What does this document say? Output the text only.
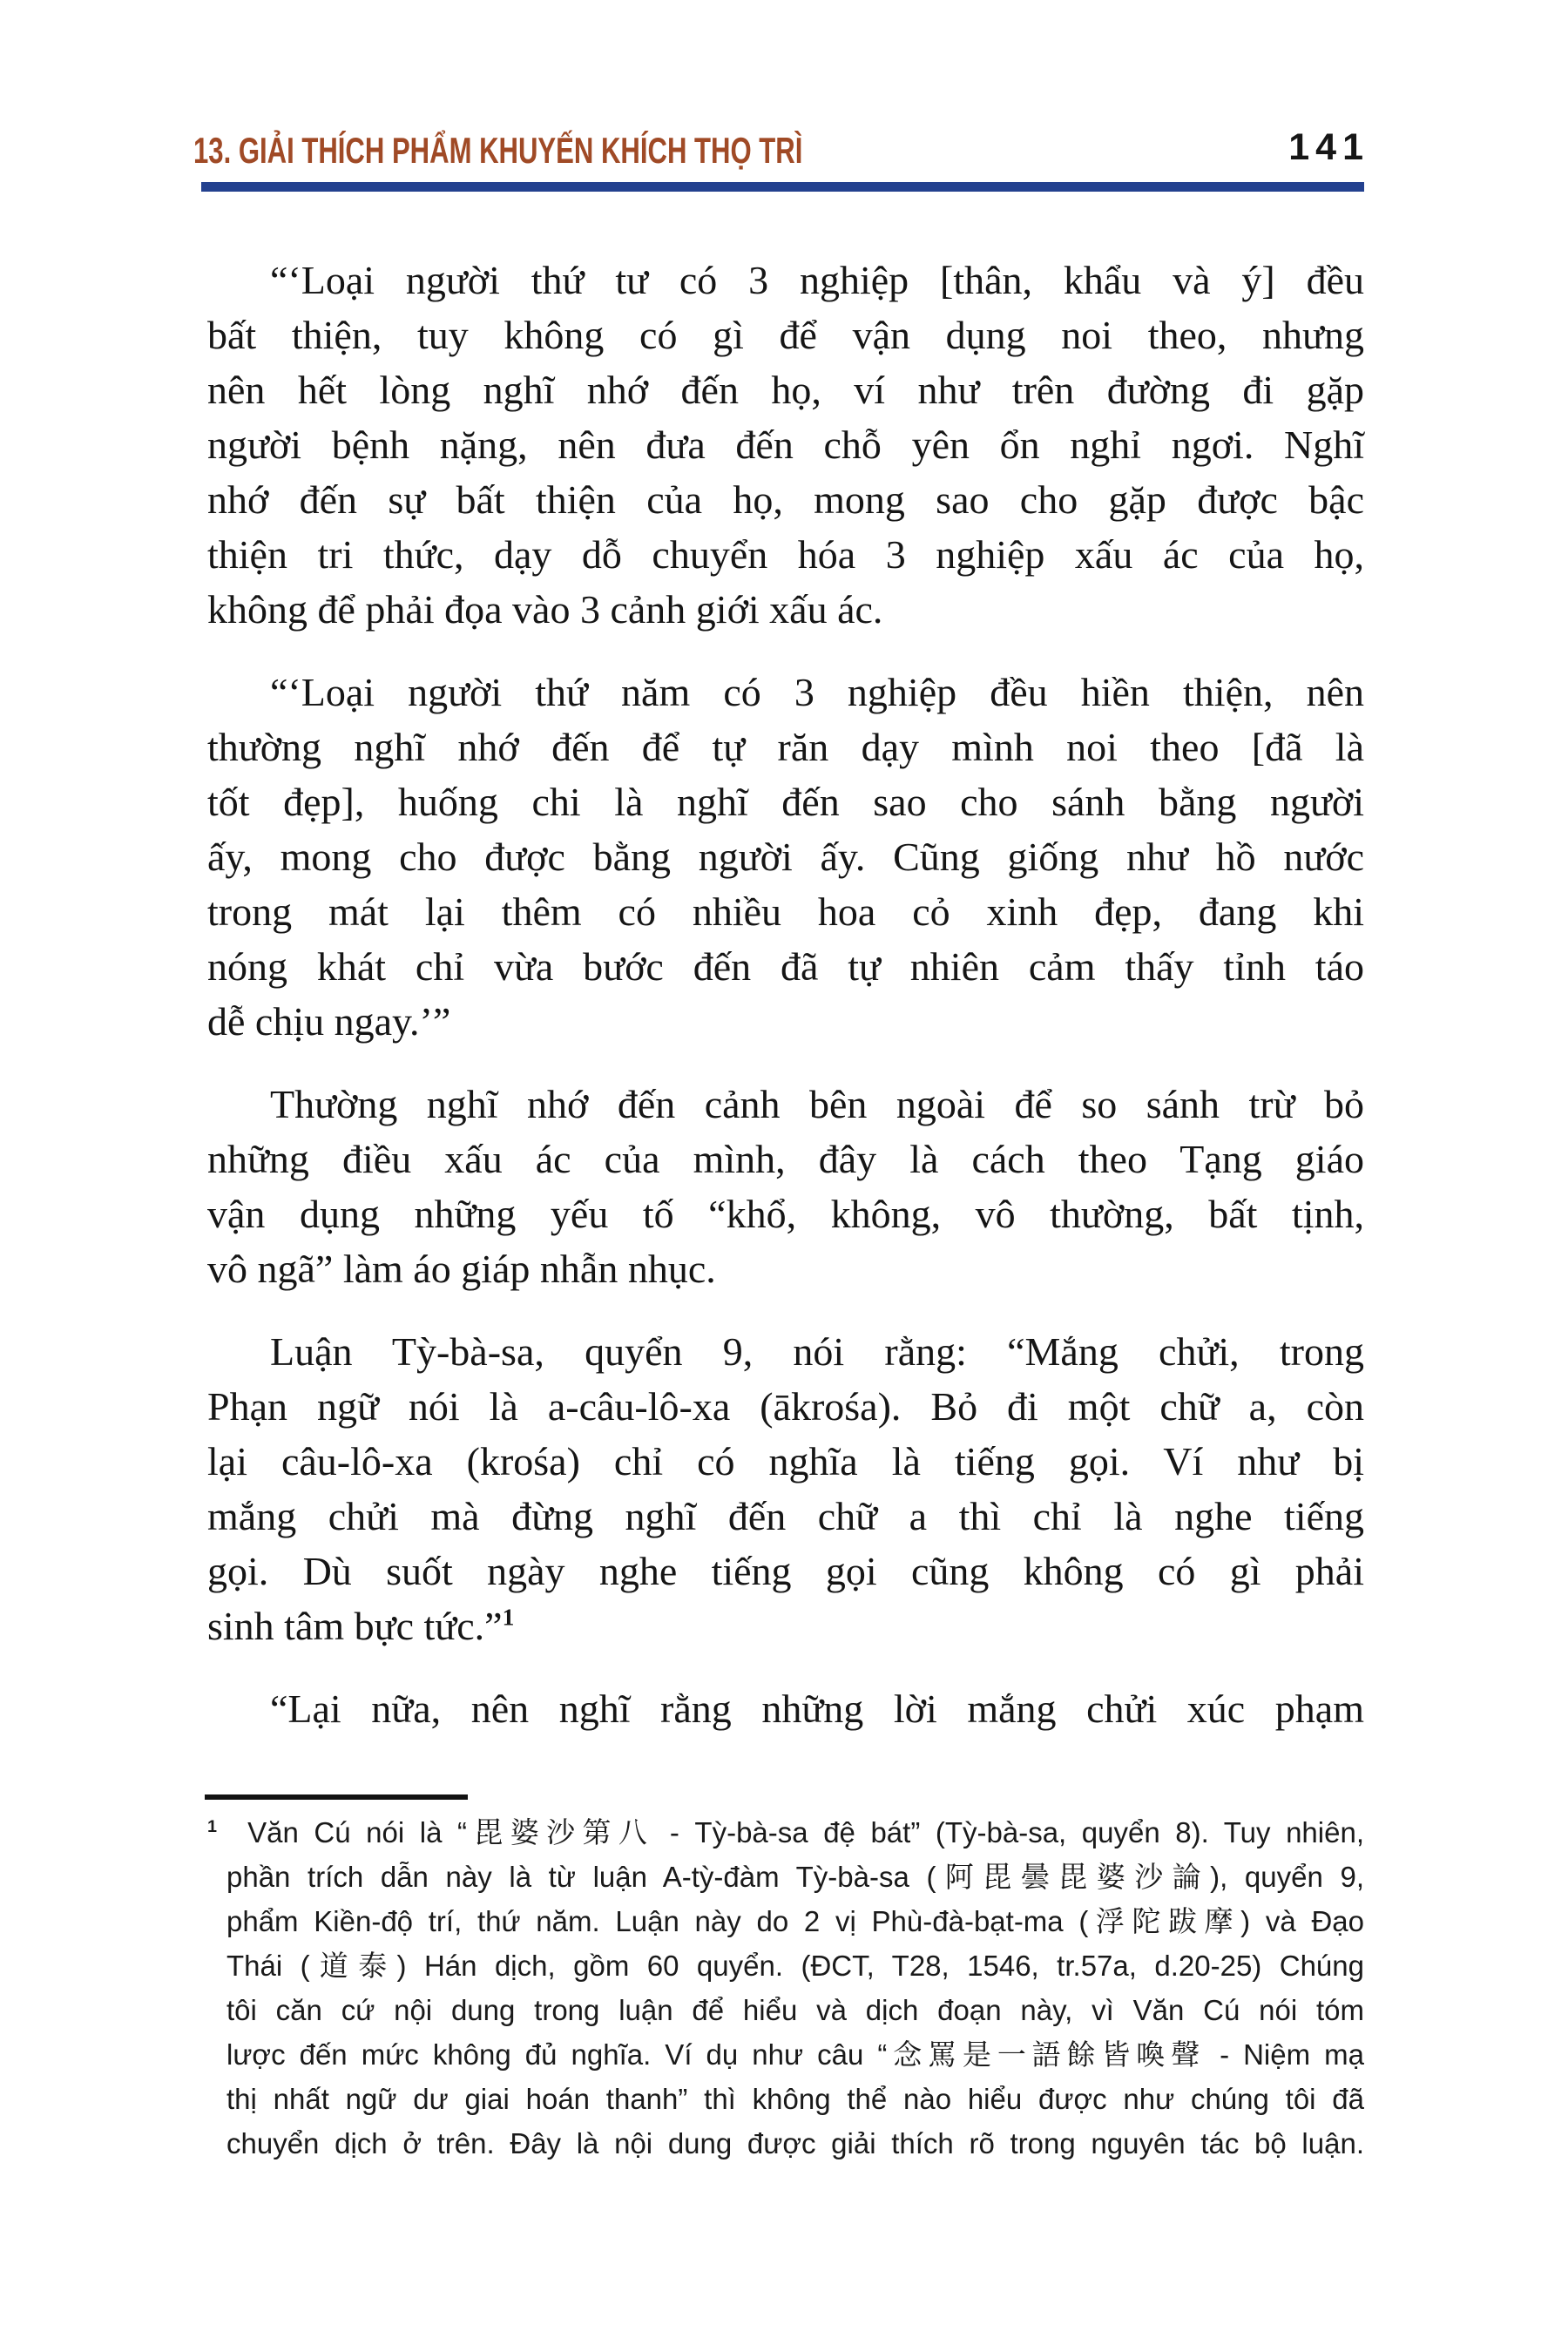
13. GIẢI THÍCH PHẨM KHUYẾN KHÍCH THỌ TRÌ	141
“‘Loại người thứ tư có 3 nghiệp [thân, khẩu và ý] đều
bất thiện, tuy không có gì để vận dụng noi theo, nhưng
nên hết lòng nghĩ nhớ đến họ, ví như trên đường đi gặp
người bệnh nặng, nên đưa đến chỗ yên ổn nghỉ ngơi. Nghĩ
nhớ đến sự bất thiện của họ, mong sao cho gặp được bậc
thiện tri thức, dạy dỗ chuyển hóa 3 nghiệp xấu ác của họ,
không để phải đọa vào 3 cảnh giới xấu ác.
“‘Loại người thứ năm có 3 nghiệp đều hiền thiện, nên
thường nghĩ nhớ đến để tự răn dạy mình noi theo [đã là
tốt đẹp], huống chi là nghĩ đến sao cho sánh bằng người
ấy, mong cho được bằng người ấy. Cũng giống như hồ nước
trong mát lại thêm có nhiều hoa cỏ xinh đẹp, đang khi
nóng khát chỉ vừa bước đến đã tự nhiên cảm thấy tỉnh táo
dễ chịu ngay.’”
Thường nghĩ nhớ đến cảnh bên ngoài để so sánh trừ bỏ
những điều xấu ác của mình, đây là cách theo Tạng giáo
vận dụng những yếu tố “khổ, không, vô thường, bất tịnh,
vô ngã” làm áo giáp nhẫn nhục.
Luận Tỳ-bà-sa, quyển 9, nói rằng: “Mắng chửi, trong
Phạn ngữ nói là a-câu-lô-xa (ākrośa). Bỏ đi một chữ a, còn
lại câu-lô-xa (krośa) chỉ có nghĩa là tiếng gọi. Ví như bị
mắng chửi mà đừng nghĩ đến chữ a thì chỉ là nghe tiếng
gọi. Dù suốt ngày nghe tiếng gọi cũng không có gì phải
sinh tâm bực tức.”$^1$
“Lại nữa, nên nghĩ rằng những lời mắng chửi xúc phạm
$^1$  Văn Cú nói là “毘婆沙第八 - Tỳ-bà-sa đệ bát” (Tỳ-bà-sa, quyển 8). Tuy nhiên,
phần trích dẫn này là từ luận A-tỳ-đàm Tỳ-bà-sa (阿毘曇毘婆沙論), quyển 9,
phẩm Kiền-độ trí, thứ năm. Luận này do 2 vị Phù-đà-bạt-ma (浮陀跋摩) và Đạo
Thái (道泰) Hán dịch, gồm 60 quyển. (ĐCT, T28, 1546, tr.57a, d.20-25) Chúng
tôi căn cứ nội dung trong luận để hiểu và dịch đoạn này, vì Văn Cú nói tóm
lược đến mức không đủ nghĩa. Ví dụ như câu “念罵是一語餘皆喚聲 - Niệm mạ
thị nhất ngữ dư giai hoán thanh” thì không thể nào hiểu được như chúng tôi đã
chuyển dịch ở trên. Đây là nội dung được giải thích rõ trong nguyên tác bộ luận.
